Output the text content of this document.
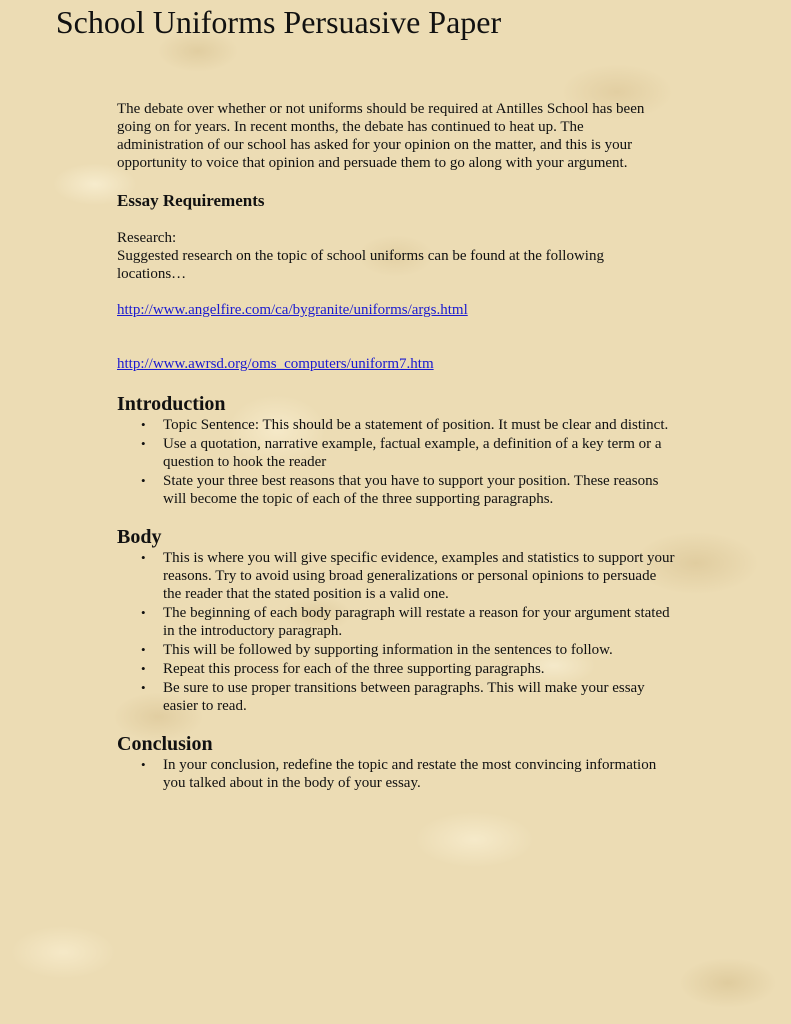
School Uniforms Persuasive Paper

The debate over whether or not uniforms should be required at Antilles School has been going on for years. In recent months, the debate has continued to heat up. The administration of our school has asked for your opinion on the matter, and this is your opportunity to voice that opinion and persuade them to go along with your argument.

Essay Requirements

Research:

Suggested research on the topic of school uniforms can be found at the following locations…

http://www.angelfire.com/ca/bygranite/uniforms/args.html
http://www.awrsd.org/oms_computers/uniform7.htm
Introduction
• Topic Sentence: This should be a statement of position. It must be clear and distinct.
• Use a quotation, narrative example, factual example, a definition of a key term or a question to hook the reader
• State your three best reasons that you have to support your position. These reasons will become the topic of each of the three supporting paragraphs.
Body
• This is where you will give specific evidence, examples and statistics to support your reasons. Try to avoid using broad generalizations or personal opinions to persuade the reader that the stated position is a valid one.
• The beginning of each body paragraph will restate a reason for your argument stated in the introductory paragraph.
• This will be followed by supporting information in the sentences to follow.
• Repeat this process for each of the three supporting paragraphs.
• Be sure to use proper transitions between paragraphs. This will make your essay easier to read.
Conclusion
• In your conclusion, redefine the topic and restate the most convincing information you talked about in the body of your essay.
